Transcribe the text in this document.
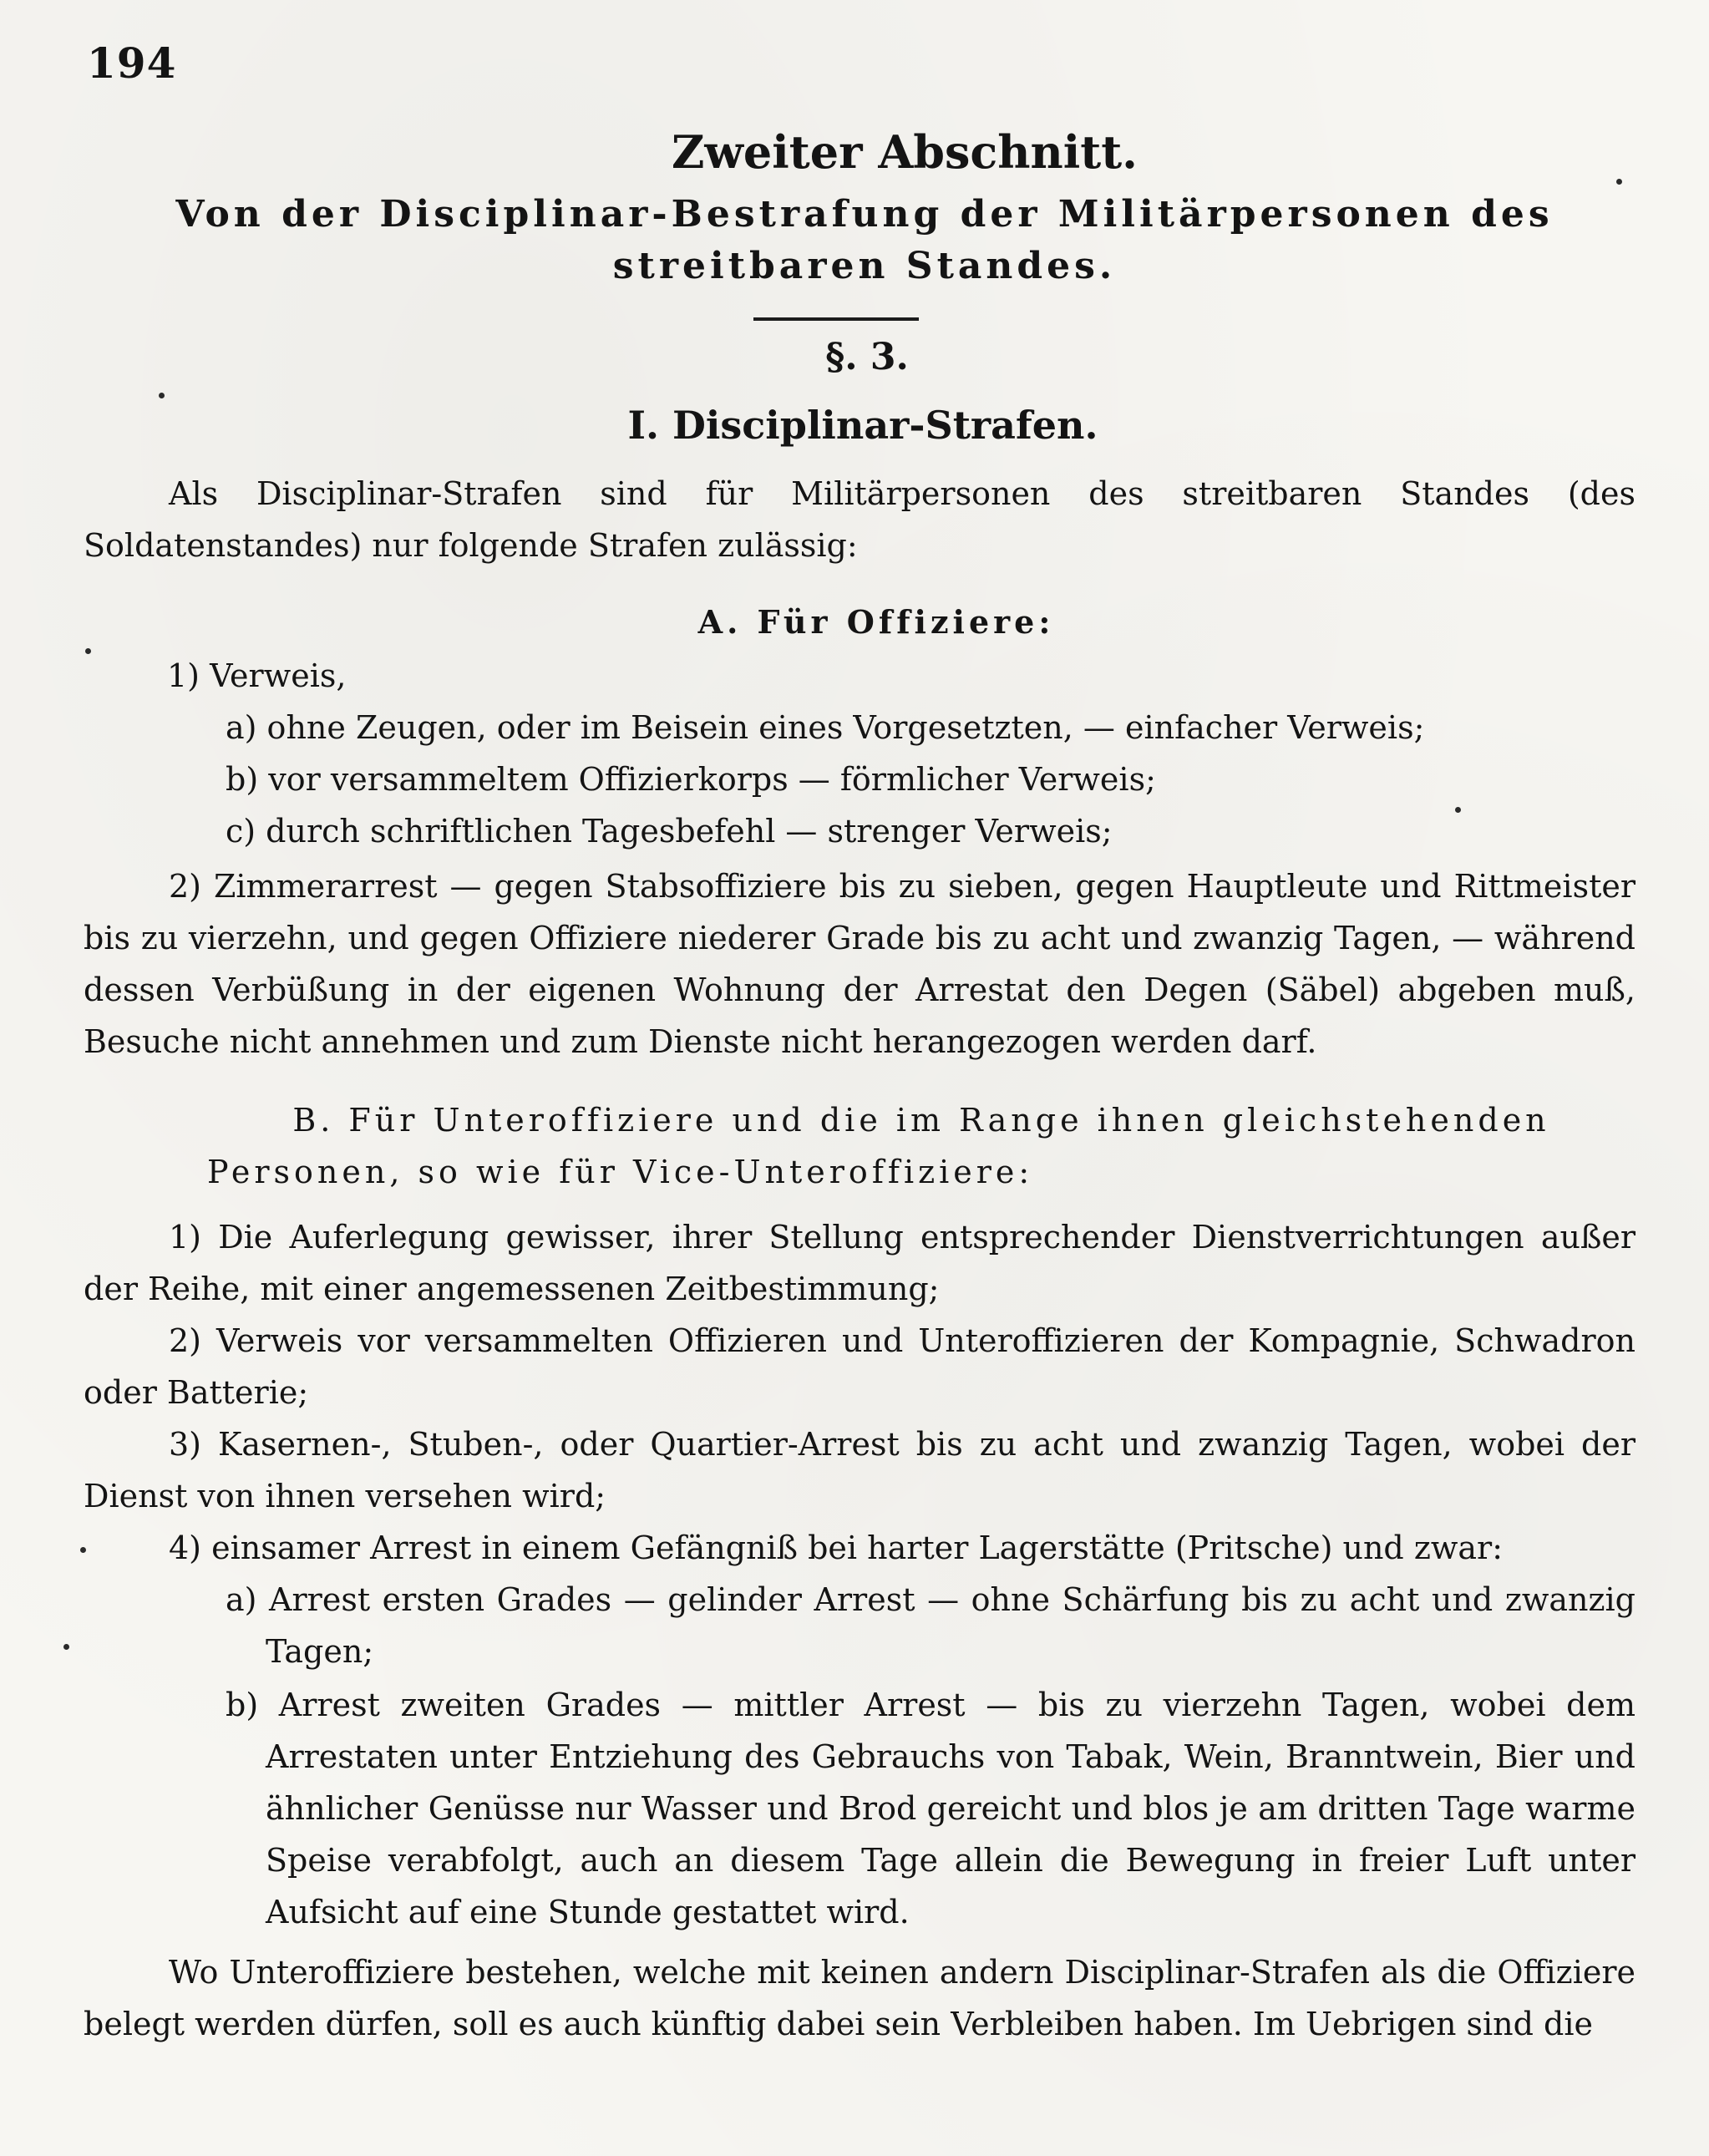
194
Zweiter Abschnitt.
Von der Disciplinar-Bestrafung der Militärpersonen des streitbaren Standes.
§. 3.
I. Disciplinar-Strafen.
Als Disciplinar-Strafen sind für Militärpersonen des streitbaren Standes (des Soldatenstandes) nur folgende Strafen zulässig:
A. Für Offiziere:
1) Verweis,
a) ohne Zeugen, oder im Beisein eines Vorgesetzten, — einfacher Verweis;
b) vor versammeltem Offizierkorps — förmlicher Verweis;
c) durch schriftlichen Tagesbefehl — strenger Verweis;
2) Zimmerarrest — gegen Stabsoffiziere bis zu sieben, gegen Hauptleute und Rittmeister bis zu vierzehn, und gegen Offiziere niederer Grade bis zu acht und zwanzig Tagen, — während dessen Verbüßung in der eigenen Wohnung der Arrestat den Degen (Säbel) abgeben muß, Besuche nicht annehmen und zum Dienste nicht herangezogen werden darf.
B. Für Unteroffiziere und die im Range ihnen gleichstehenden Personen, so wie für Vice-Unteroffiziere:
1) Die Auferlegung gewisser, ihrer Stellung entsprechender Dienstverrichtungen außer der Reihe, mit einer angemessenen Zeitbestimmung;
2) Verweis vor versammelten Offizieren und Unteroffizieren der Kompagnie, Schwadron oder Batterie;
3) Kasernen-, Stuben-, oder Quartier-Arrest bis zu acht und zwanzig Tagen, wobei der Dienst von ihnen versehen wird;
4) einsamer Arrest in einem Gefängniß bei harter Lagerstätte (Pritsche) und zwar:
a) Arrest ersten Grades — gelinder Arrest — ohne Schärfung bis zu acht und zwanzig Tagen;
b) Arrest zweiten Grades — mittler Arrest — bis zu vierzehn Tagen, wobei dem Arrestaten unter Entziehung des Gebrauchs von Tabak, Wein, Branntwein, Bier und ähnlicher Genüsse nur Wasser und Brod gereicht und blos je am dritten Tage warme Speise verabfolgt, auch an diesem Tage allein die Bewegung in freier Luft unter Aufsicht auf eine Stunde gestattet wird.
Wo Unteroffiziere bestehen, welche mit keinen andern Disciplinar-Strafen als die Offiziere belegt werden dürfen, soll es auch künftig dabei sein Verbleiben haben. Im Uebrigen sind die
